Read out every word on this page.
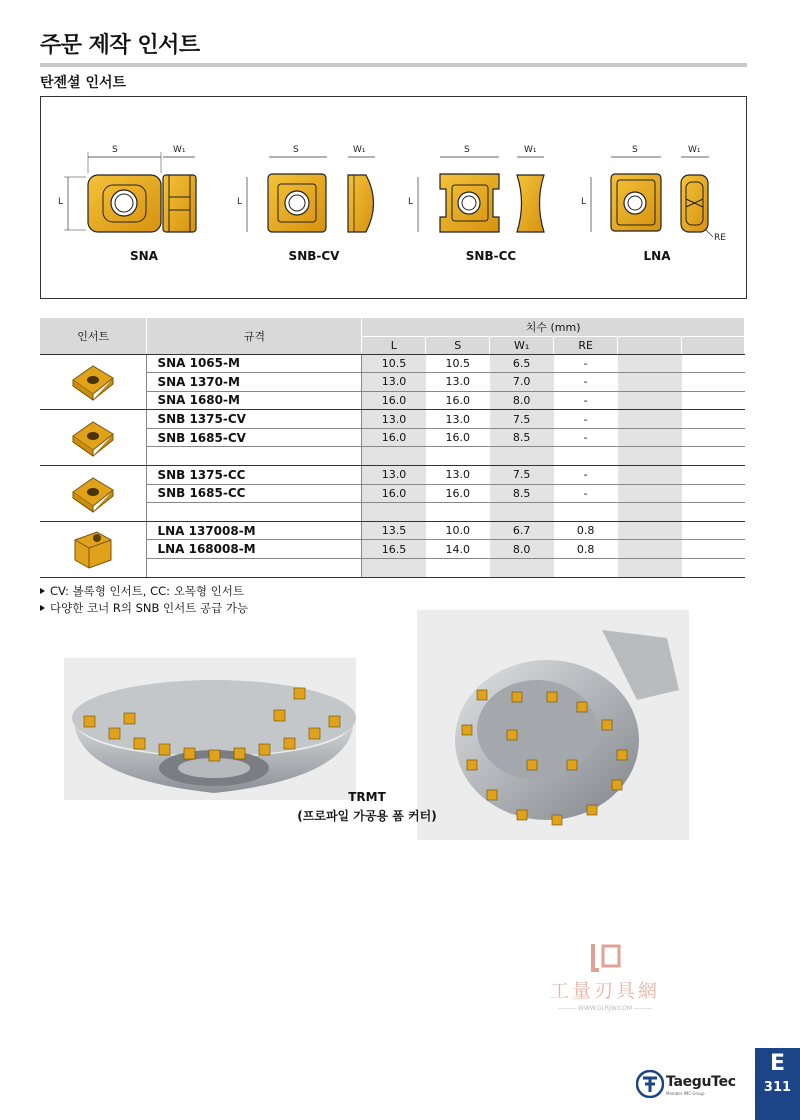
주문 제작 인서트
탄젠셜 인서트
S	W₁
L
SNA
S	W₁
L
SNB-CV
S	W₁
L
SNB-CC
S	W₁
L
RE
LNA
인서트	규격	치수 (mm)					
		L	S	W₁	RE		
	SNA 1065-M	10.5	10.5	6.5	-		
	SNA 1370-M	13.0	13.0	7.0	-		
	SNA 1680-M	16.0	16.0	8.0	-		
	SNB 1375-CV	13.0	13.0	7.5	-		
	SNB 1685-CV	16.0	16.0	8.5	-		

	SNB 1375-CC	13.0	13.0	7.5	-		
	SNB 1685-CC	16.0	16.0	8.5	-		

	LNA 137008-M	13.5	10.0	6.7	0.8		
	LNA 168008-M	16.5	14.0	8.0	0.8		

CV: 볼록형 인서트, CC: 오목형 인서트
다양한 코너 R의 SNB 인서트 공급 가능
TRMT
(프로파일 가공용 폼 커터)
工量刃具網
——— WWW.GLRJW.COM ———
TaeguTec
Member IMC Group
E
311
